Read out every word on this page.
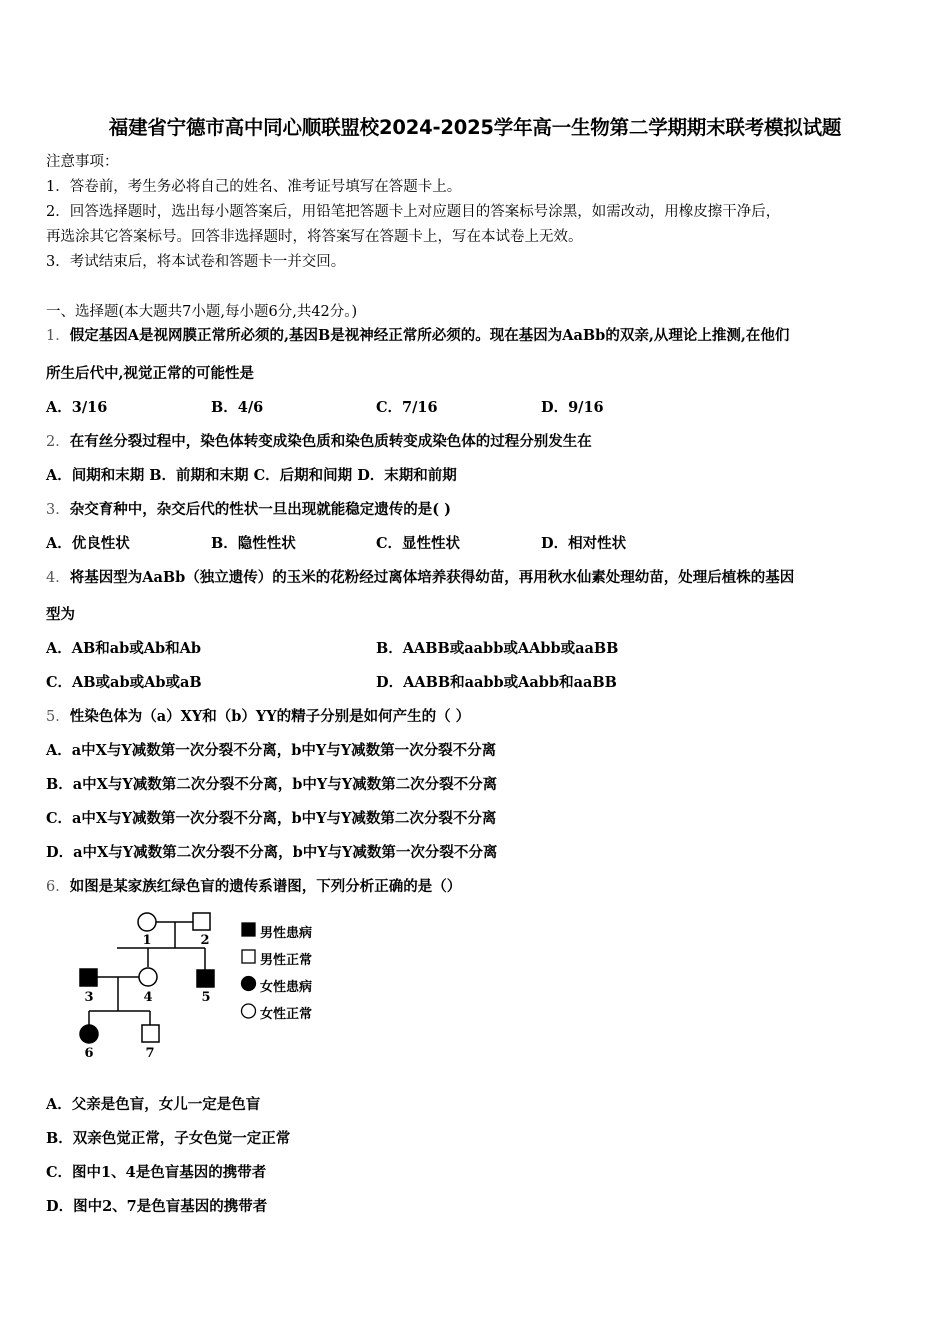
福建省宁德市高中同心顺联盟校2024-2025学年高一生物第二学期期末联考模拟试题
注意事项：
1．答卷前，考生务必将自己的姓名、准考证号填写在答题卡上。
2．回答选择题时，选出每小题答案后，用铅笔把答题卡上对应题目的答案标号涂黑，如需改动，用橡皮擦干净后，
再选涂其它答案标号。回答非选择题时，将答案写在答题卡上，写在本试卷上无效。
3．考试结束后，将本试卷和答题卡一并交回。
一、选择题(本大题共7小题,每小题6分,共42分。)
1．假定基因A是视网膜正常所必须的,基因B是视神经正常所必须的。现在基因为AaBb的双亲,从理论上推测,在他们
所生后代中,视觉正常的可能性是
A．3/16	B．4/6	C．7/16	D．9/16
2．在有丝分裂过程中，染色体转变成染色质和染色质转变成染色体的过程分别发生在
A．间期和末期 B．前期和末期 C．后期和间期 D．末期和前期
3．杂交育种中，杂交后代的性状一旦出现就能稳定遗传的是( )
A．优良性状	B．隐性性状	C．显性性状	D．相对性状
4．将基因型为AaBb（独立遗传）的玉米的花粉经过离体培养获得幼苗，再用秋水仙素处理幼苗，处理后植株的基因
型为
A．AB和ab或Ab和Ab	B．AABB或aabb或AAbb或aaBB
C．AB或ab或Ab或aB	D．AABB和aabb或Aabb和aaBB
5．性染色体为（a）XY和（b）YY的精子分别是如何产生的（ ）
A．a中X与Y减数第一次分裂不分离，b中Y与Y减数第一次分裂不分离
B．a中X与Y减数第二次分裂不分离，b中Y与Y减数第二次分裂不分离
C．a中X与Y减数第一次分裂不分离，b中Y与Y减数第二次分裂不分离
D．a中X与Y减数第二次分裂不分离，b中Y与Y减数第一次分裂不分离
6．如图是某家族红绿色盲的遗传系谱图，下列分析正确的是（）
1	2
3	4	5
6	7
男性患病
男性正常
女性患病
女性正常
A．父亲是色盲，女儿一定是色盲
B．双亲色觉正常，子女色觉一定正常
C．图中1、4是色盲基因的携带者
D．图中2、7是色盲基因的携带者
